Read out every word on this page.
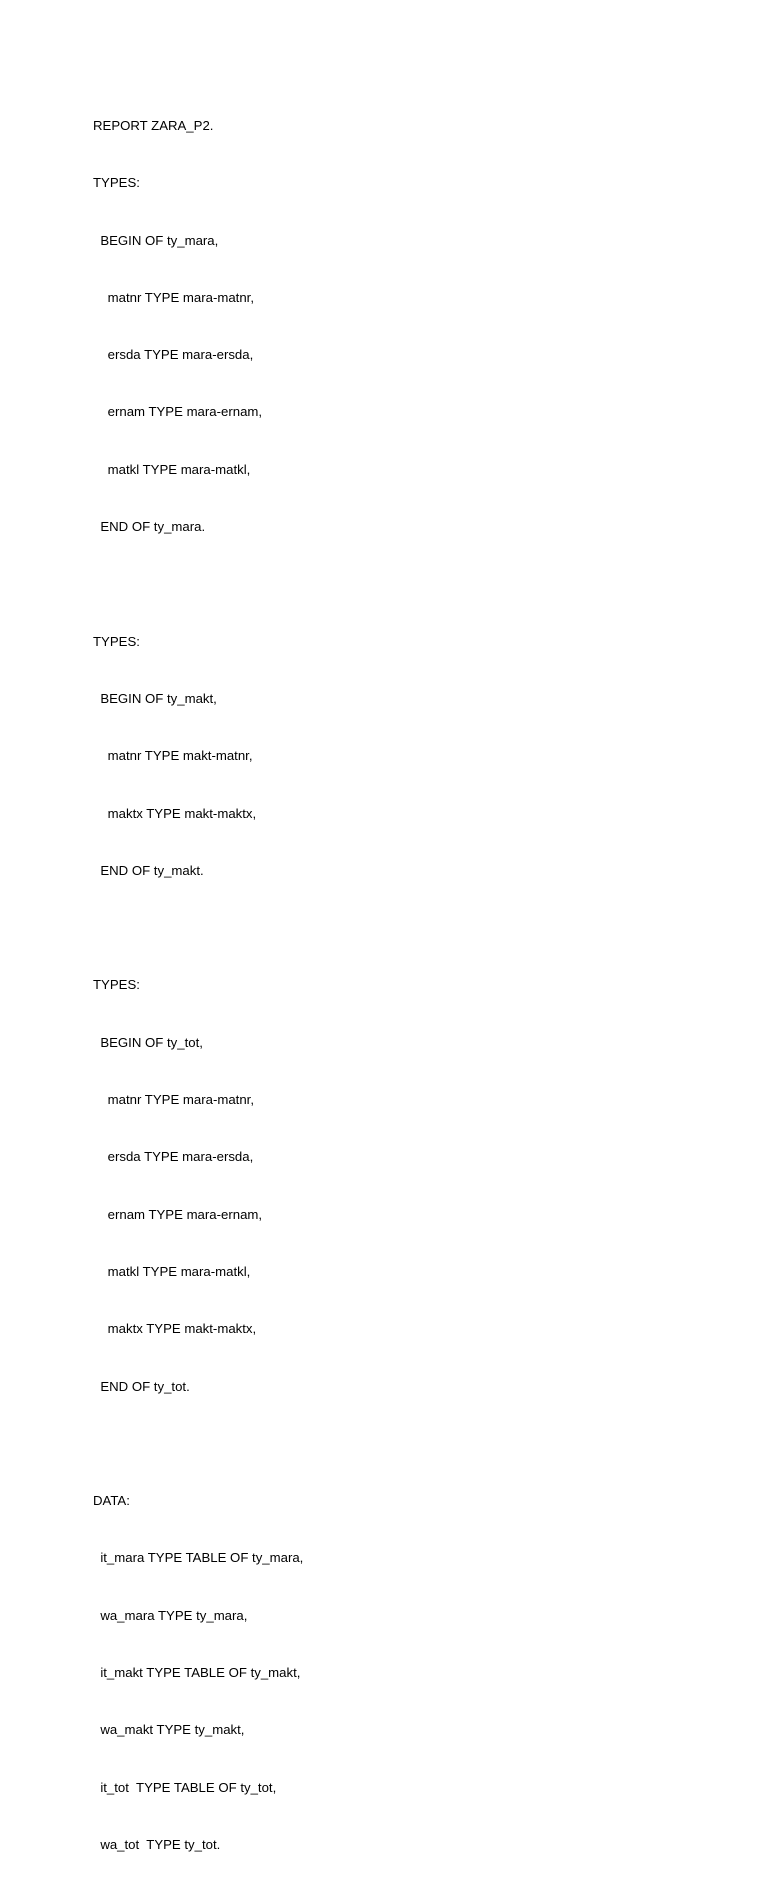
REPORT ZARA_P2.

TYPES:

BEGIN OF ty_mara,

matnr TYPE mara-matnr,

ersda TYPE mara-ersda,

ernam TYPE mara-ernam,

matkl TYPE mara-matkl,

END OF ty_mara.

TYPES:

BEGIN OF ty_makt,

matnr TYPE makt-matnr,

maktx TYPE makt-maktx,

END OF ty_makt.

TYPES:

BEGIN OF ty_tot,

matnr TYPE mara-matnr,

ersda TYPE mara-ersda,

ernam TYPE mara-ernam,

matkl TYPE mara-matkl,

maktx TYPE makt-maktx,

END OF ty_tot.

DATA:

it_mara TYPE TABLE OF ty_mara,

wa_mara TYPE ty_mara,

it_makt TYPE TABLE OF ty_makt,

wa_makt TYPE ty_makt,

it_tot  TYPE TABLE OF ty_tot,

wa_tot  TYPE ty_tot.
